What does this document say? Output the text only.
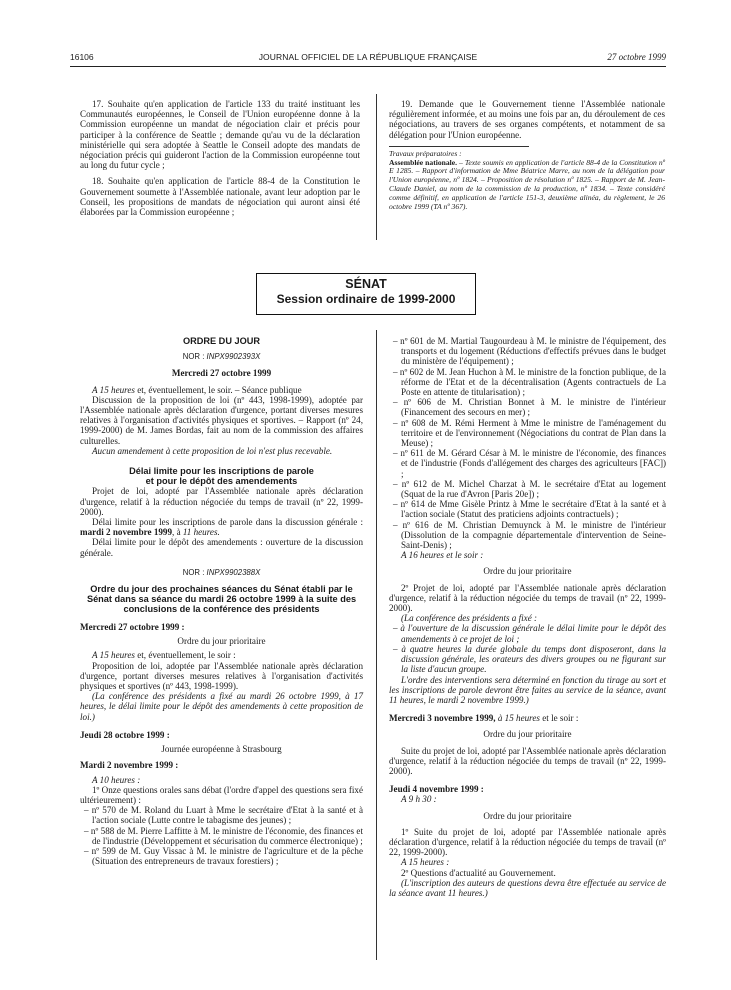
16106	JOURNAL OFFICIEL DE LA RÉPUBLIQUE FRANÇAISE	27 octobre 1999

17. Souhaite qu'en application de l'article 133 du traité instituant les Communautés européennes, le Conseil de l'Union européenne donne à la Commission européenne un mandat de négociation clair et précis pour participer à la conférence de Seattle ; demande qu'au vu de la déclaration ministérielle qui sera adoptée à Seattle le Conseil adopte des mandats de négociation précis qui guideront l'action de la Commission européenne tout au long du futur cycle ;

18. Souhaite qu'en application de l'article 88-4 de la Constitution le Gouvernement soumette à l'Assemblée nationale, avant leur adoption par le Conseil, les propositions de mandats de négociation qui auront ainsi été élaborées par la Commission européenne ;

19. Demande que le Gouvernement tienne l'Assemblée nationale régulièrement informée, et au moins une fois par an, du déroulement de ces négociations, au travers de ses organes compétents, et notamment de sa délégation pour l'Union européenne.

Travaux préparatoires :

Assemblée nationale. – Texte soumis en application de l'article 88-4 de la Constitution nº E 1285. – Rapport d'information de Mme Béatrice Marre, au nom de la délégation pour l'Union européenne, nº 1824. – Proposition de résolution nº 1825. – Rapport de M. Jean-Claude Daniel, au nom de la commission de la production, nº 1834. – Texte considéré comme définitif, en application de l'article 151-3, deuxième alinéa, du règlement, le 26 octobre 1999 (TA nº 367).

SÉNAT
Session ordinaire de 1999-2000
ORDRE DU JOUR
NOR : INPX9902393X
Mercredi 27 octobre 1999

A 15 heures et, éventuellement, le soir. – Séance publique

Discussion de la proposition de loi (nº 443, 1998-1999), adoptée par l'Assemblée nationale après déclaration d'urgence, portant diverses mesures relatives à l'organisation d'activités physiques et sportives. – Rapport (nº 24, 1999-2000) de M. James Bordas, fait au nom de la commission des affaires culturelles.

Aucun amendement à cette proposition de loi n'est plus recevable.

Délai limite pour les inscriptions de parole
et pour le dépôt des amendements

Projet de loi, adopté par l'Assemblée nationale après déclaration d'urgence, relatif à la réduction négociée du temps de travail (nº 22, 1999-2000).

Délai limite pour les inscriptions de parole dans la discussion générale : mardi 2 novembre 1999, à 11 heures.

Délai limite pour le dépôt des amendements : ouverture de la discussion générale.

NOR : INPX9902388X
Ordre du jour des prochaines séances du Sénat établi par le Sénat dans sa séance du mardi 26 octobre 1999 à la suite des conclusions de la conférence des présidents
Mercredi 27 octobre 1999 :
Ordre du jour prioritaire

A 15 heures et, éventuellement, le soir :

Proposition de loi, adoptée par l'Assemblée nationale après déclaration d'urgence, portant diverses mesures relatives à l'organisation d'activités physiques et sportives (nº 443, 1998-1999).

(La conférence des présidents a fixé au mardi 26 octobre 1999, à 17 heures, le délai limite pour le dépôt des amendements à cette proposition de loi.)

Jeudi 28 octobre 1999 :
Journée européenne à Strasbourg
Mardi 2 novembre 1999 :

A 10 heures :

1º Onze questions orales sans débat (l'ordre d'appel des questions sera fixé ultérieurement) :

– nº 570 de M. Roland du Luart à Mme le secrétaire d'Etat à la santé et à l'action sociale (Lutte contre le tabagisme des jeunes) ;

– nº 588 de M. Pierre Laffitte à M. le ministre de l'économie, des finances et de l'industrie (Développement et sécurisation du commerce électronique) ;

– nº 599 de M. Guy Vissac à M. le ministre de l'agriculture et de la pêche (Situation des entrepreneurs de travaux forestiers) ;

– nº 601 de M. Martial Taugourdeau à M. le ministre de l'équipement, des transports et du logement (Réductions d'effectifs prévues dans le budget du ministère de l'équipement) ;

– nº 602 de M. Jean Huchon à M. le ministre de la fonction publique, de la réforme de l'Etat et de la décentralisation (Agents contractuels de La Poste en attente de titularisation) ;

– nº 606 de M. Christian Bonnet à M. le ministre de l'intérieur (Financement des secours en mer) ;

– nº 608 de M. Rémi Herment à Mme le ministre de l'aménagement du territoire et de l'environnement (Négociations du contrat de Plan dans la Meuse) ;

– nº 611 de M. Gérard César à M. le ministre de l'économie, des finances et de l'industrie (Fonds d'allégement des charges des agriculteurs [FAC]) ;

– nº 612 de M. Michel Charzat à M. le secrétaire d'Etat au logement (Squat de la rue d'Avron [Paris 20e]) ;

– nº 614 de Mme Gisèle Printz à Mme le secrétaire d'Etat à la santé et à l'action sociale (Statut des praticiens adjoints contractuels) ;

– nº 616 de M. Christian Demuynck à M. le ministre de l'intérieur (Dissolution de la compagnie départementale d'intervention de Seine-Saint-Denis) ;

A 16 heures et le soir :

Ordre du jour prioritaire

2º Projet de loi, adopté par l'Assemblée nationale après déclaration d'urgence, relatif à la réduction négociée du temps de travail (nº 22, 1999-2000).

(La conférence des présidents a fixé :

– à l'ouverture de la discussion générale le délai limite pour le dépôt des amendements à ce projet de loi ;

– à quatre heures la durée globale du temps dont disposeront, dans la discussion générale, les orateurs des divers groupes ou ne figurant sur la liste d'aucun groupe.

L'ordre des interventions sera déterminé en fonction du tirage au sort et les inscriptions de parole devront être faites au service de la séance, avant 11 heures, le mardi 2 novembre 1999.)

Mercredi 3 novembre 1999, à 15 heures et le soir :
Ordre du jour prioritaire

Suite du projet de loi, adopté par l'Assemblée nationale après déclaration d'urgence, relatif à la réduction négociée du temps de travail (nº 22, 1999-2000).

Jeudi 4 novembre 1999 :

A 9 h 30 :

Ordre du jour prioritaire

1º Suite du projet de loi, adopté par l'Assemblée nationale après déclaration d'urgence, relatif à la réduction négociée du temps de travail (nº 22, 1999-2000).

A 15 heures :

2º Questions d'actualité au Gouvernement.

(L'inscription des auteurs de questions devra être effectuée au service de la séance avant 11 heures.)
